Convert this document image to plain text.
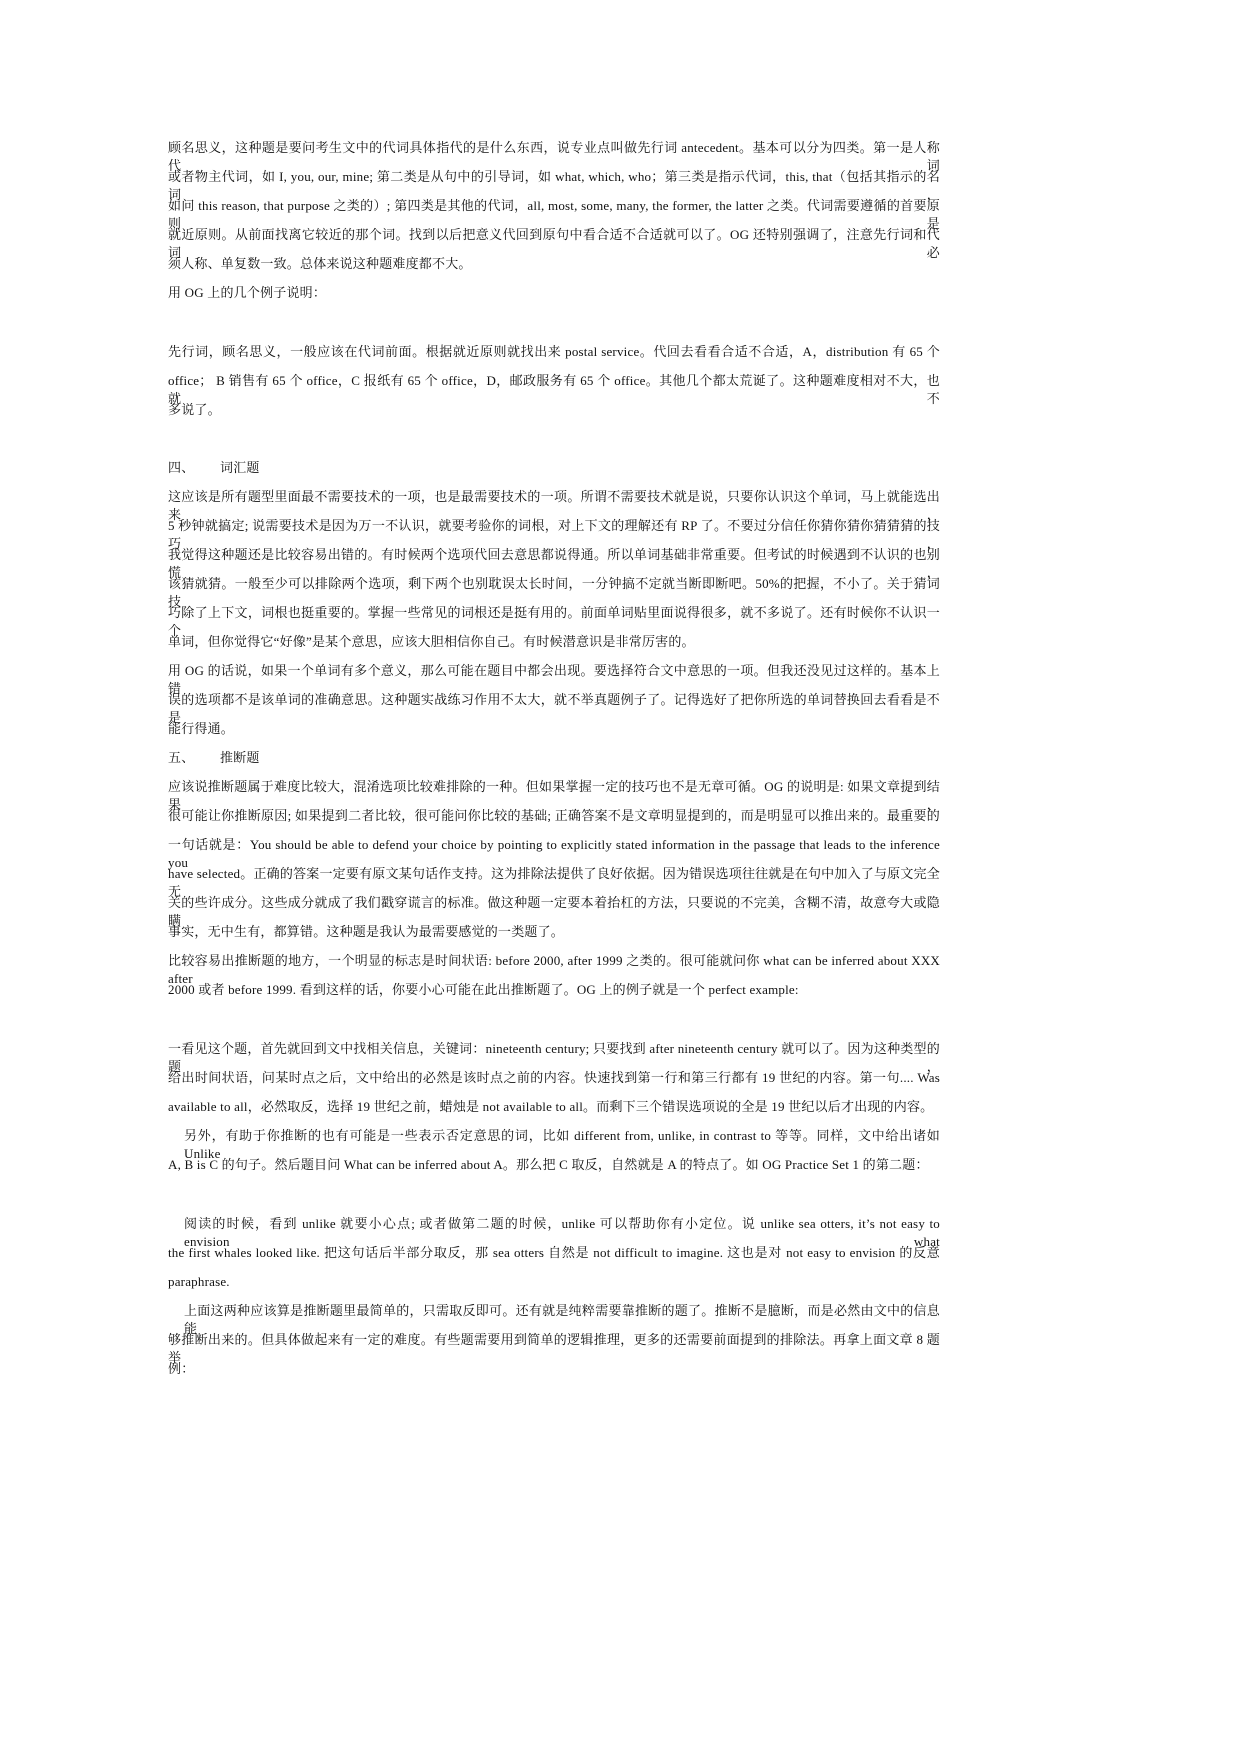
顾名思义，这种题是要问考生文中的代词具体指代的是什么东西，说专业点叫做先行词 antecedent。基本可以分为四类。第一是人称代词
或者物主代词，如 I, you, our, mine; 第二类是从句中的引导词，如 what, which, who；第三类是指示代词，this, that（包括其指示的名词，
如问 this reason, that purpose 之类的）; 第四类是其他的代词，all, most, some, many, the former, the latter 之类。代词需要遵循的首要原则是
就近原则。从前面找离它较近的那个词。找到以后把意义代回到原句中看合适不合适就可以了。OG 还特别强调了，注意先行词和代词必
须人称、单复数一致。总体来说这种题难度都不大。
用 OG 上的几个例子说明：
先行词，顾名思义，一般应该在代词前面。根据就近原则就找出来 postal service。代回去看看合适不合适，A，distribution 有 65 个
office； B 销售有 65 个 office，C 报纸有 65 个 office，D，邮政服务有 65 个 office。其他几个都太荒诞了。这种题难度相对不大，也就不
多说了。
四、 词汇题
这应该是所有题型里面最不需要技术的一项，也是最需要技术的一项。所谓不需要技术就是说，只要你认识这个单词，马上就能选出来，
5 秒钟就搞定; 说需要技术是因为万一不认识，就要考验你的词根，对上下文的理解还有 RP 了。不要过分信任你猜你猜你猜猜猜的技巧，
我觉得这种题还是比较容易出错的。有时候两个选项代回去意思都说得通。所以单词基础非常重要。但考试的时候遇到不认识的也别慌，
该猜就猜。一般至少可以排除两个选项，剩下两个也别耽误太长时间，一分钟搞不定就当断即断吧。50%的把握，不小了。关于猜词技
巧除了上下文，词根也挺重要的。掌握一些常见的词根还是挺有用的。前面单词贴里面说得很多，就不多说了。还有时候你不认识一个
单词，但你觉得它“好像”是某个意思，应该大胆相信你自己。有时候潜意识是非常厉害的。
用 OG 的话说，如果一个单词有多个意义，那么可能在题目中都会出现。要选择符合文中意思的一项。但我还没见过这样的。基本上错
误的选项都不是该单词的准确意思。这种题实战练习作用不太大，就不举真题例子了。记得选好了把你所选的单词替换回去看看是不是
能行得通。
五、 推断题
应该说推断题属于难度比较大，混淆选项比较难排除的一种。但如果掌握一定的技巧也不是无章可循。OG 的说明是: 如果文章提到结果，
很可能让你推断原因; 如果提到二者比较，很可能问你比较的基础; 正确答案不是文章明显提到的，而是明显可以推出来的。最重要的
一句话就是：You should be able to defend your choice by pointing to explicitly stated information in the passage that leads to the inference you
have selected。正确的答案一定要有原文某句话作支持。这为排除法提供了良好依据。因为错误选项往往就是在句中加入了与原文完全无
关的些许成分。这些成分就成了我们戳穿谎言的标准。做这种题一定要本着抬杠的方法，只要说的不完美，含糊不清，故意夸大或隐瞒
事实，无中生有，都算错。这种题是我认为最需要感觉的一类题了。
比较容易出推断题的地方，一个明显的标志是时间状语: before 2000, after 1999 之类的。很可能就问你 what can be inferred about XXX after
2000 或者 before 1999. 看到这样的话，你要小心可能在此出推断题了。OG 上的例子就是一个 perfect example:
一看见这个题，首先就回到文中找相关信息，关键词：nineteenth century; 只要找到 after nineteenth century 就可以了。因为这种类型的题，
给出时间状语，问某时点之后，文中给出的必然是该时点之前的内容。快速找到第一行和第三行都有 19 世纪的内容。第一句.... Was
available to all，必然取反，选择 19 世纪之前，蜡烛是 not available to all。而剩下三个错误选项说的全是 19 世纪以后才出现的内容。
另外，有助于你推断的也有可能是一些表示否定意思的词，比如 different from, unlike, in contrast to 等等。同样，文中给出诸如 Unlike
A, B is C 的句子。然后题目问 What can be inferred about A。那么把 C 取反，自然就是 A 的特点了。如 OG Practice Set 1 的第二题：
阅读的时候，看到 unlike 就要小心点; 或者做第二题的时候，unlike 可以帮助你有小定位。说 unlike sea otters, it’s not easy to envision what
the first whales looked like. 把这句话后半部分取反，那 sea otters 自然是 not difficult to imagine. 这也是对 not easy to envision 的反意
paraphrase.
上面这两种应该算是推断题里最简单的，只需取反即可。还有就是纯粹需要靠推断的题了。推断不是臆断，而是必然由文中的信息能
够推断出来的。但具体做起来有一定的难度。有些题需要用到简单的逻辑推理，更多的还需要前面提到的排除法。再拿上面文章 8 题举
例：
